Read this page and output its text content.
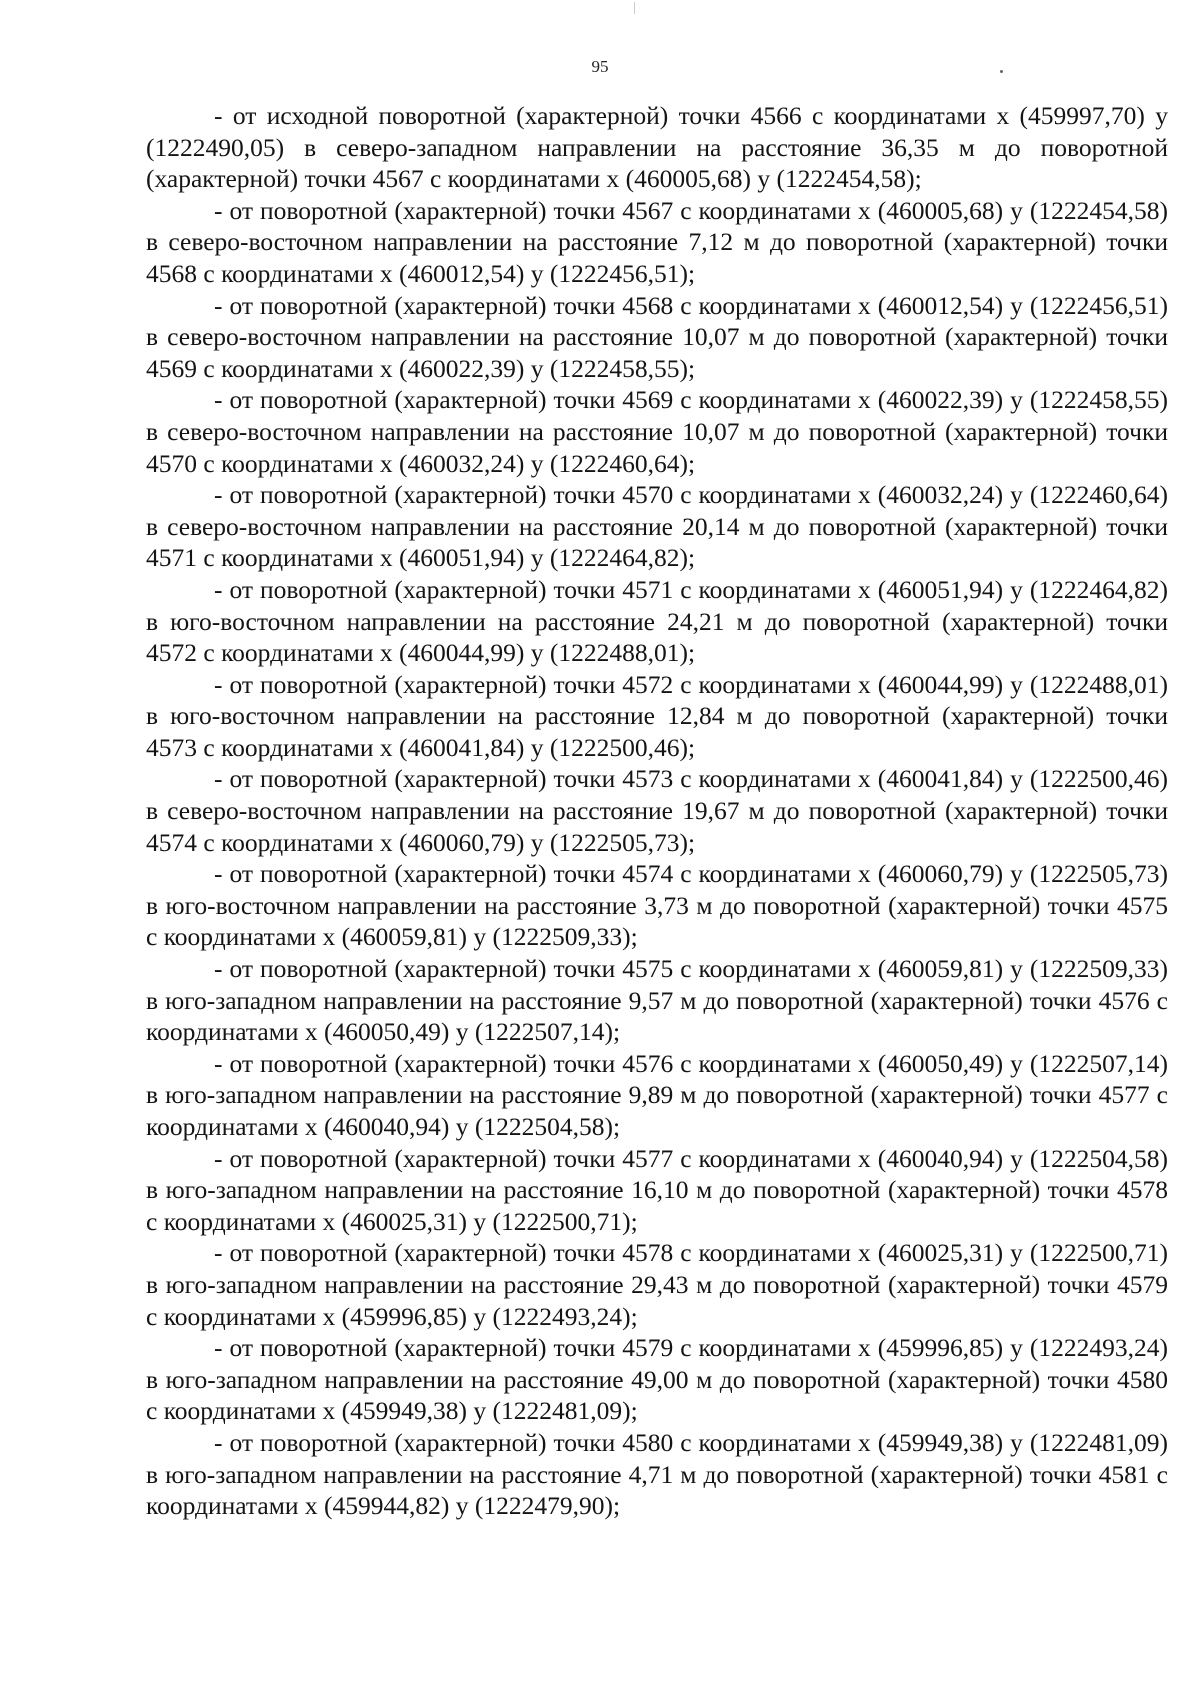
95

- от исходной поворотной (характерной) точки 4566 с координатами х (459997,70) у (1222490,05) в северо-западном направлении на расстояние 36,35 м до поворотной (характерной) точки 4567 с координатами х (460005,68) у (1222454,58);

- от поворотной (характерной) точки 4567 с координатами х (460005,68) у (1222454,58) в северо-восточном направлении на расстояние 7,12 м до поворотной (характерной) точки 4568 с координатами х (460012,54) у (1222456,51);

- от поворотной (характерной) точки 4568 с координатами х (460012,54) у (1222456,51) в северо-восточном направлении на расстояние 10,07 м до поворотной (характерной) точки 4569 с координатами х (460022,39) у (1222458,55);

- от поворотной (характерной) точки 4569 с координатами х (460022,39) у (1222458,55) в северо-восточном направлении на расстояние 10,07 м до поворотной (характерной) точки 4570 с координатами х (460032,24) у (1222460,64);

- от поворотной (характерной) точки 4570 с координатами х (460032,24) у (1222460,64) в северо-восточном направлении на расстояние 20,14 м до поворотной (характерной) точки 4571 с координатами х (460051,94) у (1222464,82);

- от поворотной (характерной) точки 4571 с координатами х (460051,94) у (1222464,82) в юго-восточном направлении на расстояние 24,21 м до поворотной (характерной) точки 4572 с координатами х (460044,99) у (1222488,01);

- от поворотной (характерной) точки 4572 с координатами х (460044,99) у (1222488,01) в юго-восточном направлении на расстояние 12,84 м до поворотной (характерной) точки 4573 с координатами х (460041,84) у (1222500,46);

- от поворотной (характерной) точки 4573 с координатами х (460041,84) у (1222500,46) в северо-восточном направлении на расстояние 19,67 м до поворотной (характерной) точки 4574 с координатами х (460060,79) у (1222505,73);

- от поворотной (характерной) точки 4574 с координатами х (460060,79) у (1222505,73) в юго-восточном направлении на расстояние 3,73 м до поворотной (характерной) точки 4575 с координатами х (460059,81) у (1222509,33);

- от поворотной (характерной) точки 4575 с координатами х (460059,81) у (1222509,33) в юго-западном направлении на расстояние 9,57 м до поворотной (характерной) точки 4576 с координатами х (460050,49) у (1222507,14);

- от поворотной (характерной) точки 4576 с координатами х (460050,49) у (1222507,14) в юго-западном направлении на расстояние 9,89 м до поворотной (характерной) точки 4577 с координатами х (460040,94) у (1222504,58);

- от поворотной (характерной) точки 4577 с координатами х (460040,94) у (1222504,58) в юго-западном направлении на расстояние 16,10 м до поворотной (характерной) точки 4578 с координатами х (460025,31) у (1222500,71);

- от поворотной (характерной) точки 4578 с координатами х (460025,31) у (1222500,71) в юго-западном направлении на расстояние 29,43 м до поворотной (характерной) точки 4579 с координатами х (459996,85) у (1222493,24);

- от поворотной (характерной) точки 4579 с координатами х (459996,85) у (1222493,24) в юго-западном направлении на расстояние 49,00 м до поворотной (характерной) точки 4580 с координатами х (459949,38) у (1222481,09);

- от поворотной (характерной) точки 4580 с координатами х (459949,38) у (1222481,09) в юго-западном направлении на расстояние 4,71 м до поворотной (характерной) точки 4581 с координатами х (459944,82) у (1222479,90);
